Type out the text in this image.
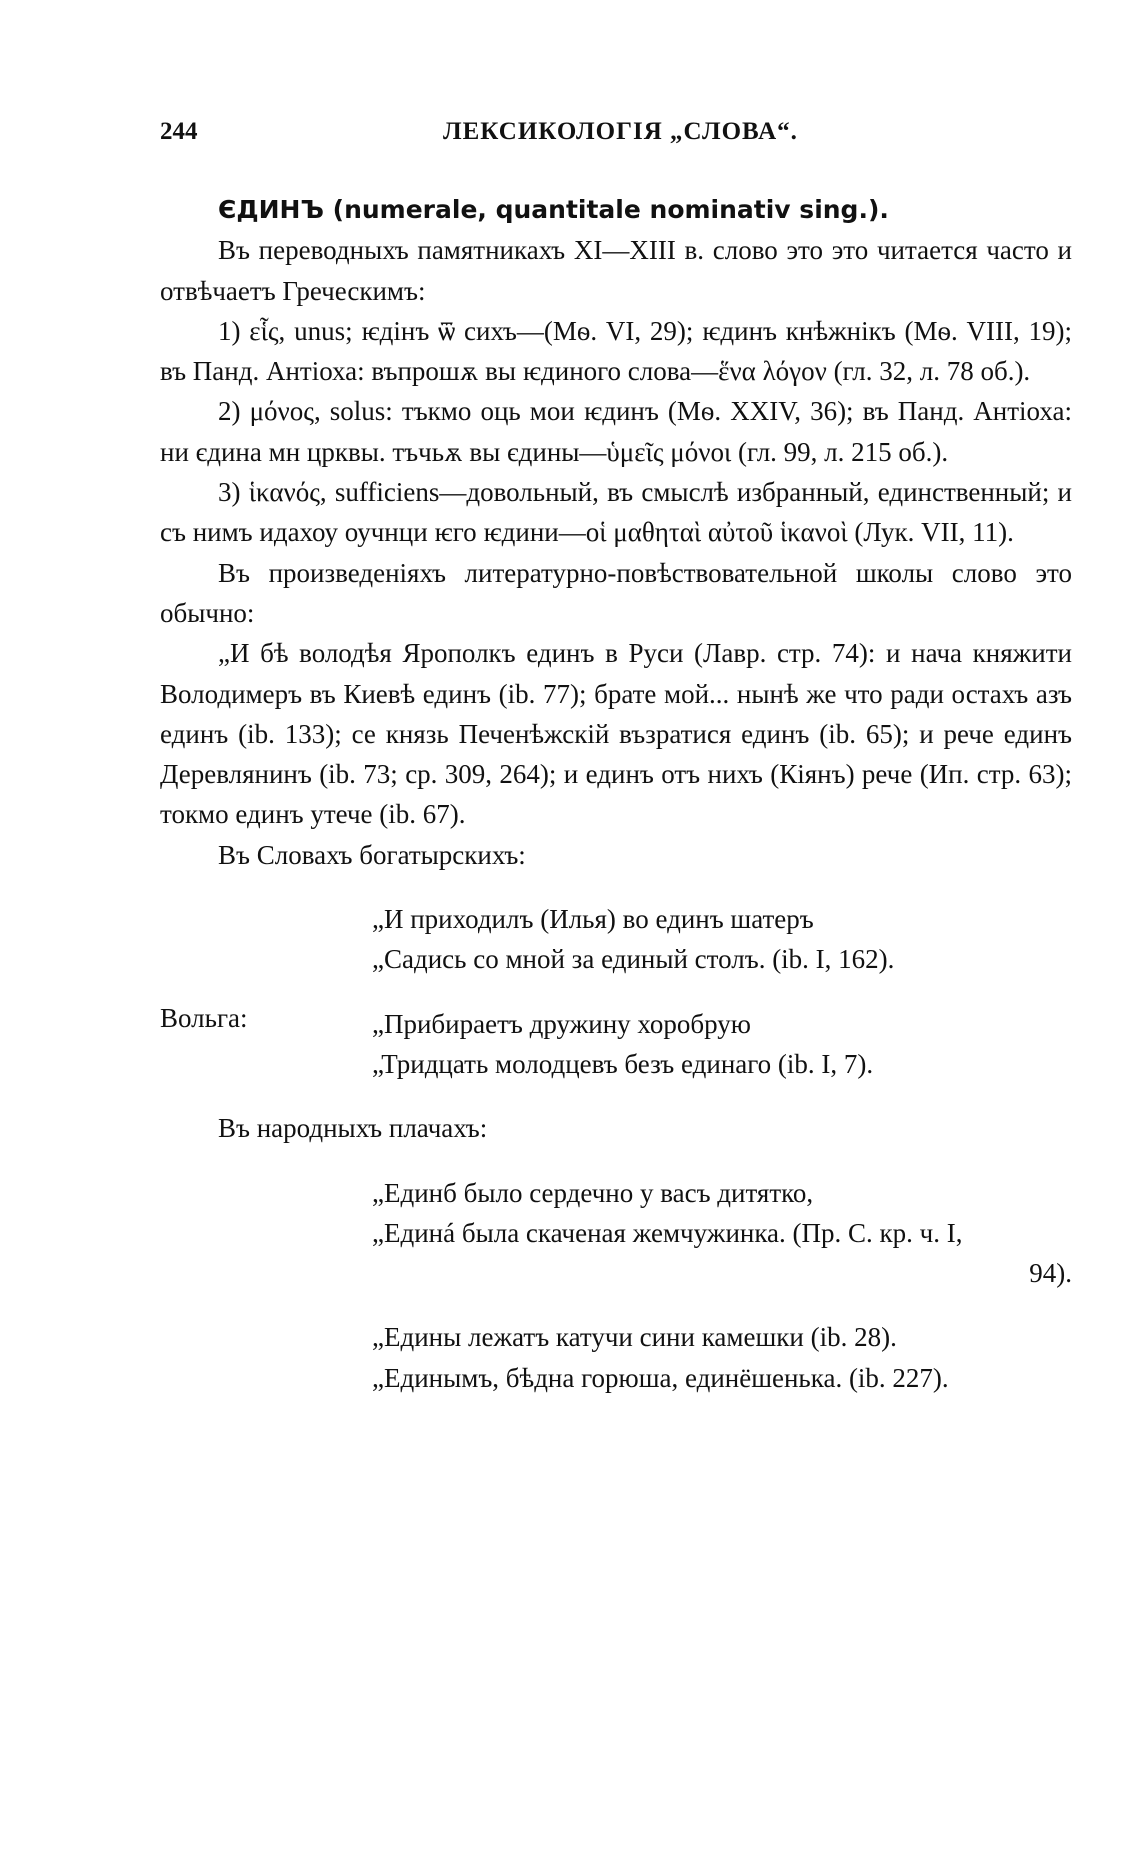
244	ЛЕКСИКОЛОГІЯ „СЛОВА“.

ЄДИНЪ (numerale, quantitale nominativ sing.).

Въ переводныхъ памятникахъ XI—XIII в. слово это это читается часто и отвѣчаетъ Греческимъ:

1) εἷς, unus; ѥдінъ ѿ сихъ—(Мѳ. VI, 29); ѥдинъ кнѣжнікъ (Мѳ. VIII, 19); въ Панд. Антіоха: въпрошѫ вы ѥдиного слова—ἕνα λόγον (гл. 32, л. 78 об.).

2) μόνος, solus: тъкмо оць мои ѥдинъ (Мѳ. XXIV, 36); въ Панд. Антіоха: ни єдина мн црквы. тъчьѫ вы єдины—ὑμεῖς μόνοι (гл. 99, л. 215 об.).

3) ἱκανός, sufficiens—довольный, въ смыслѣ избранный, единственный; и съ нимъ идахоу оучнци ѥго ѥдини—οἱ μαθηταὶ αὐτοῦ ἱκανοὶ (Лук. VII, 11).

Въ произведеніяхъ литературно-повѣствовательной школы слово это обычно:

„И бѣ володѣя Ярополкъ единъ в Руси (Лавр. стр. 74): и нача княжити Володимеръ въ Киевѣ единъ (ib. 77); брате мой... нынѣ же что ради остахъ азъ единъ (ib. 133); се князь Печенѣжскій възратися единъ (ib. 65); и рече единъ Деревлянинъ (ib. 73; ср. 309, 264); и единъ отъ нихъ (Кіянъ) рече (Ип. стр. 63); токмо единъ утече (ib. 67).

Въ Словахъ богатырскихъ:

„И приходилъ (Илья) во единъ шатеръ

„Садись со мной за единый столъ. (ib. I, 162).

Вольга:	„Прибираетъ дружину хоробрую

„Тридцать молодцевъ безъ единаго (ib. I, 7).

Въ народныхъ плачахъ:

„Единб было сердечно у васъ дитятко,

„Единá была скаченая жемчужинка. (Пр. С. кр. ч. I,

94).

„Едины лежатъ катучи сини камешки (ib. 28).

„Единымъ, бѣдна горюша, единёшенька. (ib. 227).
